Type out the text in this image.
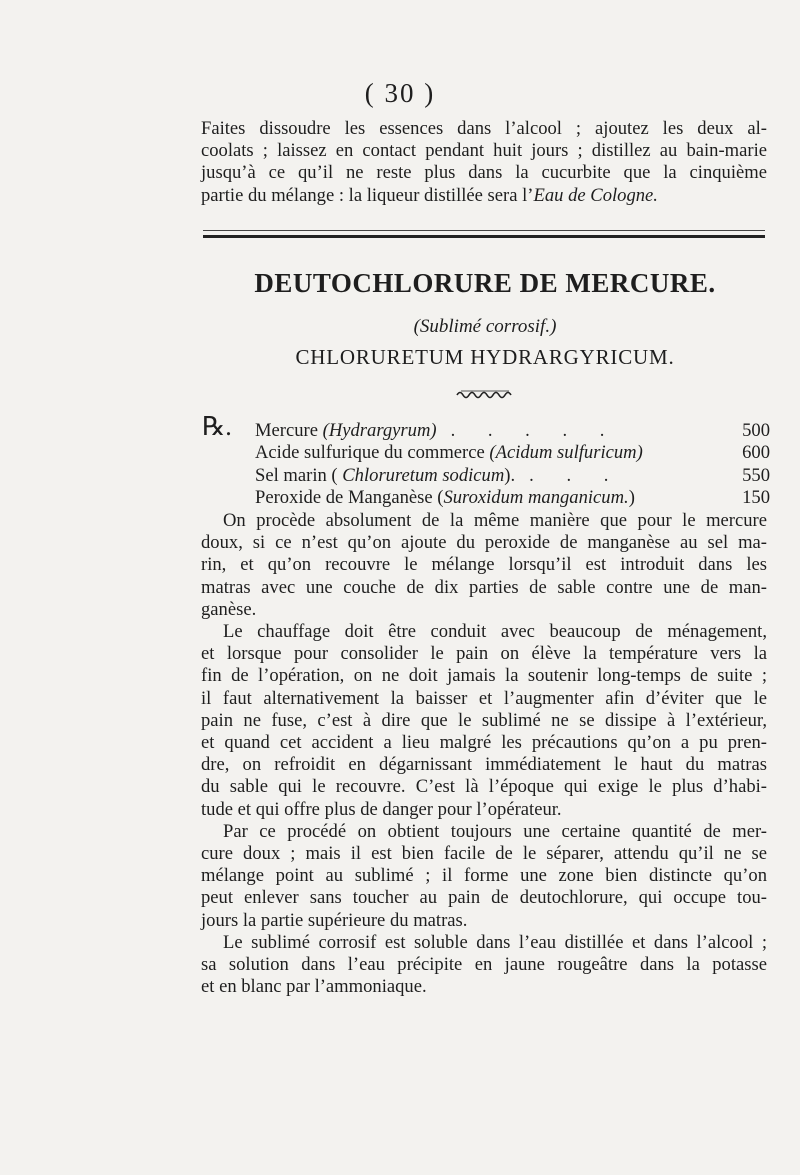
( 30 )
Faites dissoudre les essences dans l’alcool ; ajoutez les deux al-
coolats ; laissez en contact pendant huit jours ; distillez au bain-marie
jusqu’à ce qu’il ne reste plus dans la cucurbite que la cinquième
partie du mélange : la liqueur distillée sera l’Eau de Cologne.
DEUTOCHLORURE DE MERCURE.
(Sublimé corrosif.)
CHLORURETUM HYDRARGYRICUM.
℞. Mercure (Hydrargyrum) . . . . .	500
Acide sulfurique du commerce (Acidum sulfuricum)	600
Sel marin ( Chloruretum sodicum). . . .	550
Peroxide de Manganèse (Suroxidum manganicum.)	150
On procède absolument de la même manière que pour le mercure
doux, si ce n’est qu’on ajoute du peroxide de manganèse au sel ma-
rin, et qu’on recouvre le mélange lorsqu’il est introduit dans les
matras avec une couche de dix parties de sable contre une de man-
ganèse.
Le chauffage doit être conduit avec beaucoup de ménagement,
et lorsque pour consolider le pain on élève la température vers la
fin de l’opération, on ne doit jamais la soutenir long-temps de suite ;
il faut alternativement la baisser et l’augmenter afin d’éviter que le
pain ne fuse, c’est à dire que le sublimé ne se dissipe à l’extérieur,
et quand cet accident a lieu malgré les précautions qu’on a pu pren-
dre, on refroidit en dégarnissant immédiatement le haut du matras
du sable qui le recouvre. C’est là l’époque qui exige le plus d’habi-
tude et qui offre plus de danger pour l’opérateur.
Par ce procédé on obtient toujours une certaine quantité de mer-
cure doux ; mais il est bien facile de le séparer, attendu qu’il ne se
mélange point au sublimé ; il forme une zone bien distincte qu’on
peut enlever sans toucher au pain de deutochlorure, qui occupe tou-
jours la partie supérieure du matras.
Le sublimé corrosif est soluble dans l’eau distillée et dans l’alcool ;
sa solution dans l’eau précipite en jaune rougeâtre dans la potasse
et en blanc par l’ammoniaque.
